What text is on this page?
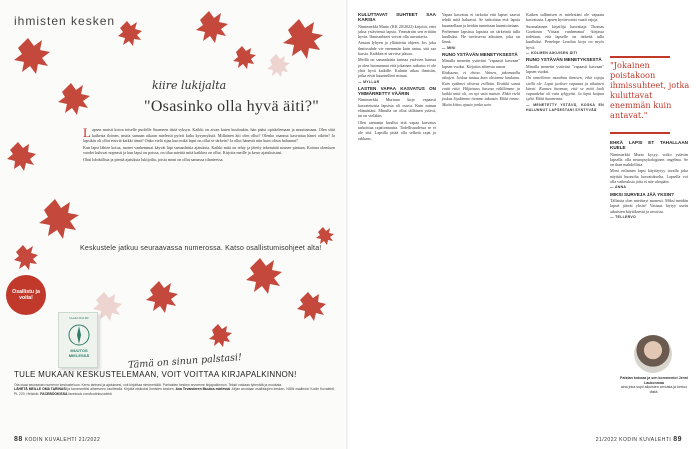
ihmisten kesken
kiire lukijalta
"Osasinko olla hyvä äiti?"

Lapsen muisti kotoa toiselle puolelle Suomeen tästä syksyn. Kaikki on aivan kuten kuuluukin, hän pääsi opiskelemaan ja muuttamaan. Olen siitä kaikesta iloinen, mutta samaan aikaan mielessä pyörii kuka kysymyksiä. Millainen äiti olen ollut? Olenko osannut kasvattaa hänet oikein? Ja lapsikin oli ollut etsiviä kaikki tämä? Onko vielä sijaa kun mikä lapsi on ollut se tärkein? Ja ollut hänestä niin kuin olisin halunnut?

Kun lapsi lähtee kotoa, monet vanhemmat käyvät läpi samanlaisia ajatuksia. Kaikki mitä on tehty ja jätetty tekemättä nousee pintaan. Kotona olemisen vuodet kuluvat nopeasti ja kun lapsi on poissa, on tilaa miettiä mitä kaikkea on ollut. Kirjoita meille ja kerro ajatuksistasi.

Ohut lohdullisia ja pieniä ajatuksia lukijoilta, joista moni on ollut samassa tilanteessa.

Keskustele jatkuu seuraavassa numerossa. Katso osallistumisohjeet alta!
Osallistu ja voita!
SAARA HALME
MUUTOS MIELESSÄ	Tämä on sinun palstasi!
TULE MUKAAN KESKUSTELEMAAN, VOIT VOITTAA KIRJAPALKINNON!
Ota osaa seuraavan numeron keskusteluun. Kerro tarinasi ja ajatuksesi, voit kirjoittaa nimimerkillä. Parhaiden kesken arvomme kirjapalkinnon. Teksti voidaan lyhentää ja muokata.
LÄHETÄ MEILLE OMA TARINASI ja kommenttisi aiheeseen osoitteella. Kirjoita otsikoksi Ihmisten kesken. Ana Tevanderen Muutos mielessä -kirjan arvotaan osallistujien kesken. NÄIN osallistut: Kodin Kuvalehti, PL 220, Helsinki. FACEBOOKISSA facebook.com/kodinkuvalehti
88 KODIN KUVALEHTI 21/2022
KULUTTAVAT SUHTEET SAA KARSIA

Nimimerkki Murto (KK 20/2022) kirjoitti, ettei jaksa ystäviensä lapsia. Ymmärrän sen erittäin hyvin. Ihmissuhteet voivat olla uuvuttavia.

Ainaan lyhyen ja yllättävän ohjeen. Jos joku ihmissuhde vie enemmän kuin antaa, sitä saa karsia. Kaikkea ei tarvitse jaksaa.

Meillä on samanlaista tarinaa ystävien kanssa ja olen huomannut että jokainen ratkaisu ei ole yhtä hyvä kaikille. Kulutin aikaa ihmisiin, jotka eivät kuunnelleet minua.

— MYLLAR

LASTEN VAPAA KASVATUS ON YMMÄRRETTY VÄÄRIN

Nimimerkki Murtaan kirje vapaasti kasvatetuista lapsista oli osuva. Kuin minun elämästäni. Minulla on ollut tälläinen ystävä, tai on vieläkin.

Olen aiemmin kuullut että vapaa kasvatus tarkoittaa rajattomuutta. Todellisuudessa se ei ole sitä. Lapsilla pitää olla selkeät rajat ja rakkaus.

Vapaa kasvatus ei tarkoita että lapset saavat tehdä mitä haluavat. Se tarkoittaa että lapsia kuunnellaan ja heidän tunteitaan kunnioitetaan.

Perheenne lapsissa lapsista on tärkeintä tulla kuulluksi. He tarvitsevat aikuisen, joka on läsnä.

— MINI

RUNO YSTÄVÄN MENETYKSESTÄ

Minulla menetin ystäväni "vapaasti kasvaan" lapsen vuoksi. Kirjoitin aiheesta runon.

Riukuuna, et ehtoa. Vainen, jakomaalla aikojen. Joskus tuntuu kuin olisimme kaukana. Kuin sydämet olisivat erillään. Eivätkä sanat enää riitä. Hiljaisuus kasvaa välillämme ja kaikki mitä oli, on nyt vain muisto. Ehkä vielä joskus löydämme tiemme takaisin. Ehkä emme. Mutta kiitos ajasta jonka sain.

Kaiken sallimisen ei mielestäni ole vapaata kasvatusta. Lapsen hyvinvointi vaatii rajoja.

Suomalainen kirjailija kasvattaja Thomas Gordonin 'Viisaat vanhemmat' -kirjassa todetaan, että lapselle on tärkeää tulla kuulluksi. Penelope Leachin kirja on myös hyvä.

— KOLMEN AIKUISEN ÄITI

RUNO YSTÄVÄN MENETYKSESTÄ

Minulla menetin ystäväni "vapaasti kasvaan" lapsen vuoksi.

On onnellinen maailma ihmisen, eikä rajoja siellä ole. Lapsi juoksee vapaana ja aikuinen kärsii. Kunnes huomaa, että se mitä luuli vapaudeksi oli vain tyhjyyttä. Ja lapsi kaipaa syliä. Ehkä huomenna.

— MENETETTY YSTÄVÄ, KOSKA EN HALUNNUT LAPSESTANI SYNTYVÄÄ

"Jokainen poistakoon ihmissuhteet, jotka kuluttavat enemmän kuin antavat."
EHKÄ LAPSI ET TAHALLAAN KUELE

Nimimerkki Murto kysyy, voiko ystävän lapsella olla neuropsykologinen ongelma. Se on ihan mahdollista.

Moni erilainen lapsi käyttäytyy tavalla joka näyttää huonolta kasvatukselta. Lapsella voi olla vaikeuksia joita ei näe ulospäin.

— ANNA

MIKSI SURVEJA JÄÄ YKSIN?

Tällaista olen miettinyt monesti. Miksi meidän lapset jäävät yksin? Vastaus löytyy usein aikuisten käytöksestä ja arvoista.

— TELLERVO

Palstan kokoaa ja sen kommentoi Jenni Laukonmaa
aina joka sopii aikuisten arvoista ja kertoo tästä.
21/2022 KODIN KUVALEHTI 89
